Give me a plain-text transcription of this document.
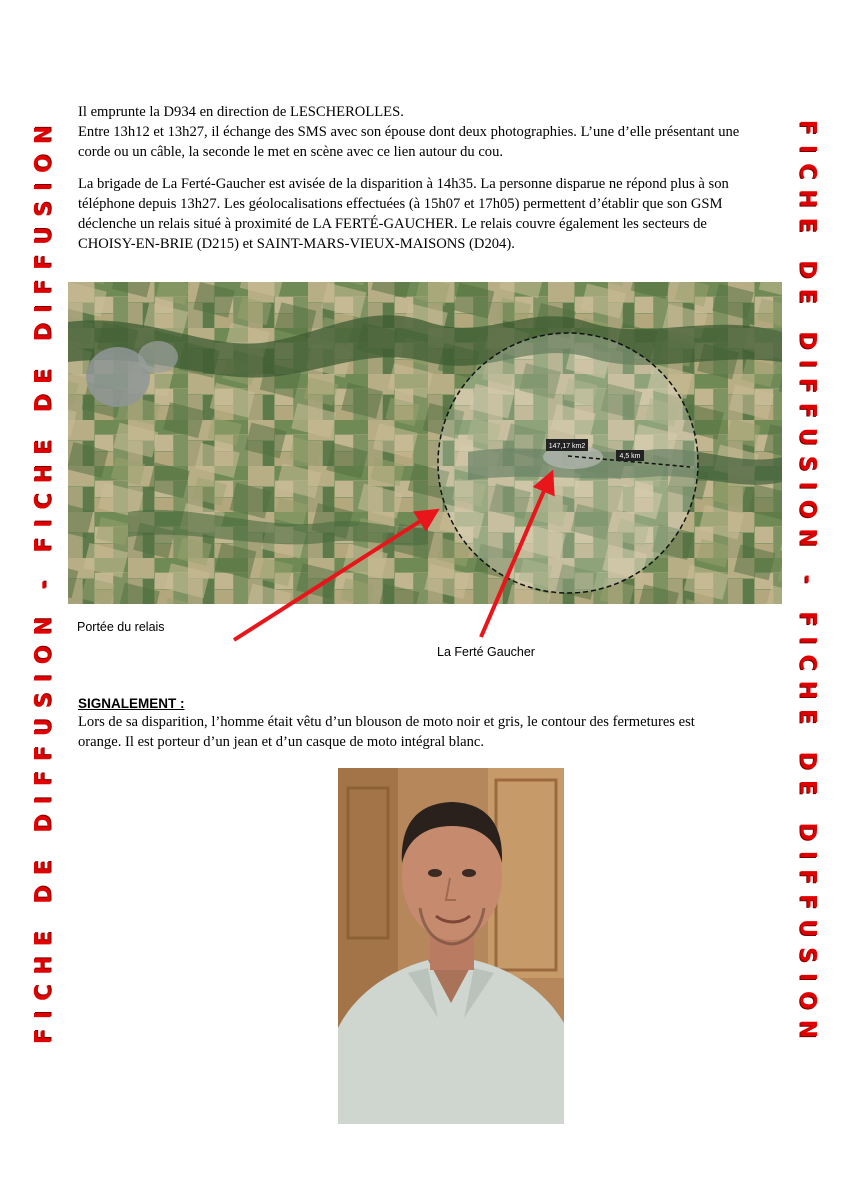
FICHE DE DIFFUSION - FICHE DE DIFFUSION	FICHE DE DIFFUSION - FICHE DE DIFFUSION
Il emprunte la D934 en direction de LESCHEROLLES.
Entre 13h12 et 13h27, il échange des SMS avec son épouse dont deux photographies. L’une d’elle présentant une
corde ou un câble, la seconde le met en scène avec ce lien autour du cou.
La brigade de La Ferté-Gaucher est avisée de la disparition à 14h35. La personne disparue ne répond plus à son
téléphone depuis 13h27. Les géolocalisations effectuées (à 15h07 et 17h05) permettent d’établir que son GSM
déclenche un relais situé à proximité de LA FERTÉ-GAUCHER. Le relais couvre également les secteurs de
CHOISY-EN-BRIE (D215) et SAINT-MARS-VIEUX-MAISONS (D204).
147,17 km2
4,5 km
Portée du relais
La Ferté Gaucher
SIGNALEMENT :
Lors de sa disparition, l’homme était vêtu d’un blouson de moto noir et gris, le contour des fermetures est
orange. Il est porteur d’un jean et d’un casque de moto intégral blanc.
